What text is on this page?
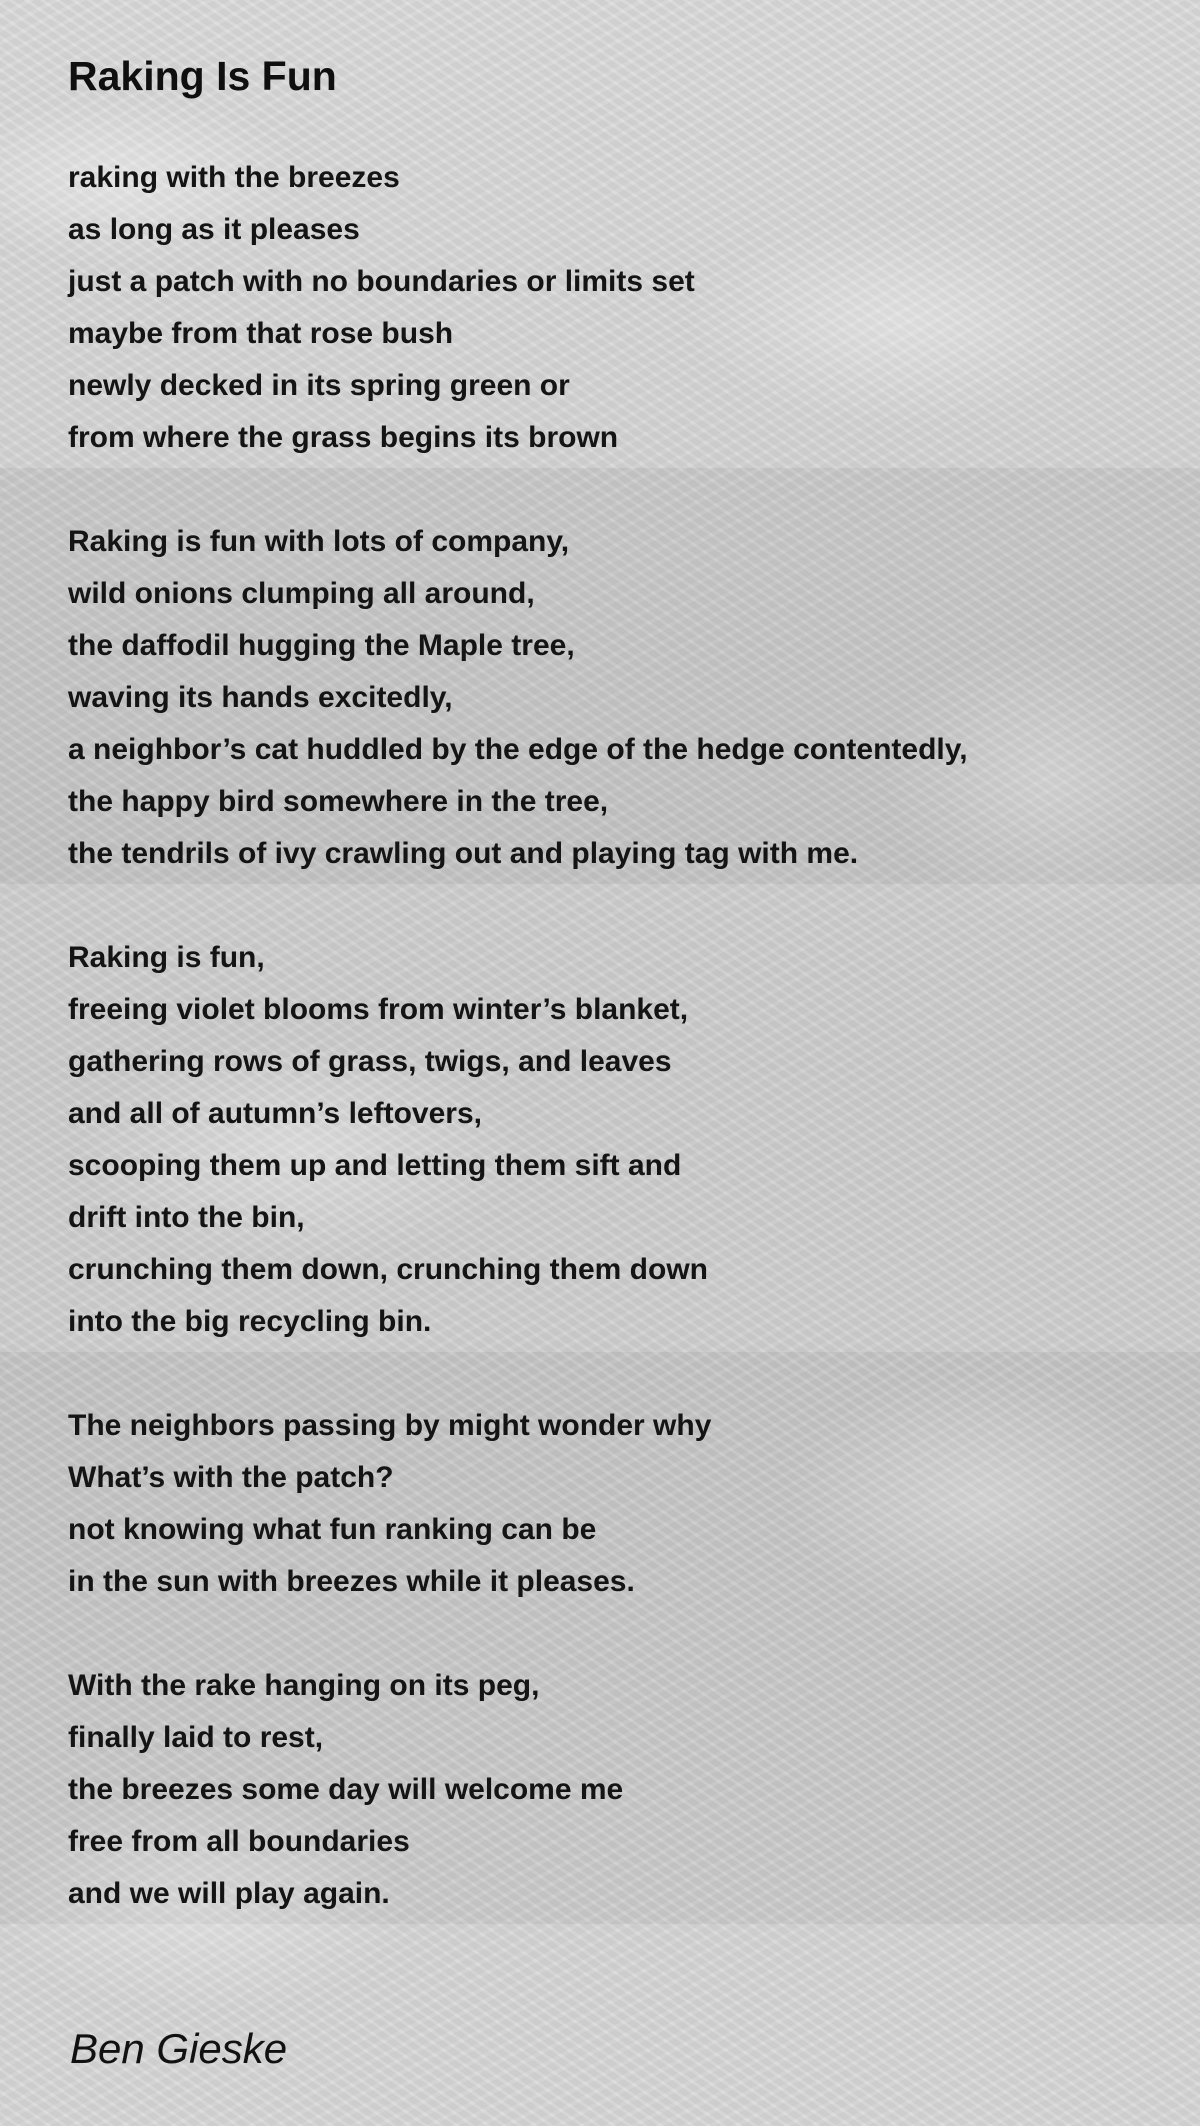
Raking Is Fun
raking with the breezes
as long as it pleases
just a patch with no boundaries or limits set
maybe from that rose bush
newly decked in its spring green or
from where the grass begins its brown
Raking is fun with lots of company,
wild onions clumping all around,
the daffodil hugging the Maple tree,
waving its hands excitedly,
a neighbor’s cat huddled by the edge of the hedge contentedly,
the happy bird somewhere in the tree,
the tendrils of ivy crawling out and playing tag with me.
Raking is fun,
freeing violet blooms from winter’s blanket,
gathering rows of grass, twigs, and leaves
and all of autumn’s leftovers,
scooping them up and letting them sift and
drift into the bin,
crunching them down, crunching them down
into the big recycling bin.
The neighbors passing by might wonder why
What’s with the patch?
not knowing what fun ranking can be
in the sun with breezes while it pleases.
With the rake hanging on its peg,
finally laid to rest,
the breezes some day will welcome me
free from all boundaries
and we will play again.
Ben Gieske
